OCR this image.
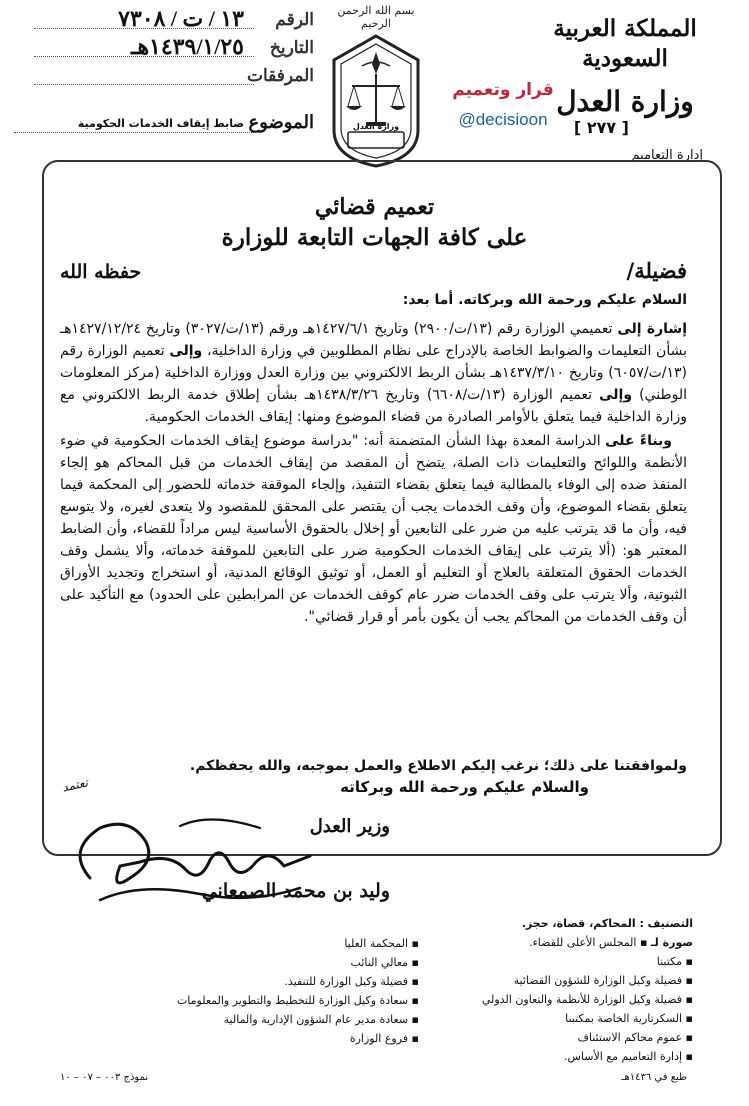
المملكة العربية السعودية
وزارة العدل
[ ٢٧٧ ]
إدارة التعاميم
بسم الله الرحمن الرحيم
وزارة العدل
قرار وتعميم
@decisioon
الرقم
١٣ / ت / ٧٣٠٨
التاريخ
١٤٣٩/١/٢٥هـ
المرفقات
الموضوع
ضابط إيقاف الخدمات الحكومية
تعميم قضائي
على كافة الجهات التابعة للوزارة
فضيلة/
حفظه الله
السلام عليكم ورحمة الله وبركاته. أما بعد:

إشارة إلى تعميمي الوزارة رقم (١٣/ت/٢٩٠٠) وتاريخ ١٤٢٧/٦/١هـ ورقم (١٣/ت/٣٠٢٧) وتاريخ ١٤٢٧/١٢/٢٤هـ بشأن التعليمات والضوابط الخاصة بالإدراج على نظام المطلوبين في وزارة الداخلية، وإلى تعميم الوزارة رقم (١٣/ت/٦٠٥٧) وتاريخ ١٤٣٧/٣/١٠هـ بشأن الربط الالكتروني بين وزارة العدل ووزارة الداخلية (مركز المعلومات الوطني) وإلى تعميم الوزارة (١٣/ت/٦٦٠٨) وتاريخ ١٤٣٨/٣/٢٦هـ بشأن إطلاق خدمة الربط الالكتروني مع وزارة الداخلية فيما يتعلق بالأوامر الصادرة من قضاء الموضوع ومنها: إيقاف الخدمات الحكومية.

وبناءً على الدراسة المعدة بهذا الشأن المتضمنة أنه: "بدراسة موضوع إيقاف الخدمات الحكومية في ضوء الأنظمة واللوائح والتعليمات ذات الصلة، يتضح أن المقصد من إيقاف الخدمات من قبل المحاكم هو إلجاء المنفذ ضده إلى الوفاء بالمطالبة فيما يتعلق بقضاء التنفيذ، وإلجاء الموقفة خدماته للحضور إلى المحكمة فيما يتعلق بقضاء الموضوع، وأن وقف الخدمات يجب أن يقتصر على المحقق للمقصود ولا يتعدى لغيره، ولا يتوسع فيه، وأن ما قد يترتب عليه من ضرر على التابعين أو إخلال بالحقوق الأساسية ليس مراداً للقضاء، وأن الضابط المعتبر هو: (ألا يترتب على إيقاف الخدمات الحكومية ضرر على التابعين للموقفة خدماته، وألا يشمل وقف الخدمات الحقوق المتعلقة بالعلاج أو التعليم أو العمل، أو توثيق الوقائع المدنية، أو استخراج وتجديد الأوراق الثبوتية، وألا يترتب على وقف الخدمات ضرر عام كوقف الخدمات عن المرابطين على الحدود) مع التأكيد على أن وقف الخدمات من المحاكم يجب أن يكون بأمر أو قرار قضائي".

ولموافقتنا على ذلك؛ نرغب إليكم الاطلاع والعمل بموجبه، والله يحفظكم.
تعتمد	والسلام عليكم ورحمة الله وبركاته
وزير العدل
وليد بن محمد الصمعاني
التصنيف : المحاكم، قضاة، حجز.
صورة لـ ▪ المجلس الأعلى للقضاء.
▪ مكتبنا
▪ فضيلة وكيل الوزارة للشؤون القضائية
▪ فضيلة وكيل الوزارة للأنظمة والتعاون الدولي
▪ السكرتارية الخاصة بمكتبنا
▪ عموم محاكم الاستئناف
▪ إدارة التعاميم مع الأساس.
▪ المحكمة العليا
▪ معالي النائب
▪ فضيلة وكيل الوزارة للتنفيذ.
▪ سعادة وكيل الوزارة للتخطيط والتطوير والمعلومات
▪ سعادة مدير عام الشؤون الإدارية والمالية
▪ فروع الوزارة
طبع في ١٤٣٦هـ
نموذج ٠٠٣ – ٠٧ – ١٠
